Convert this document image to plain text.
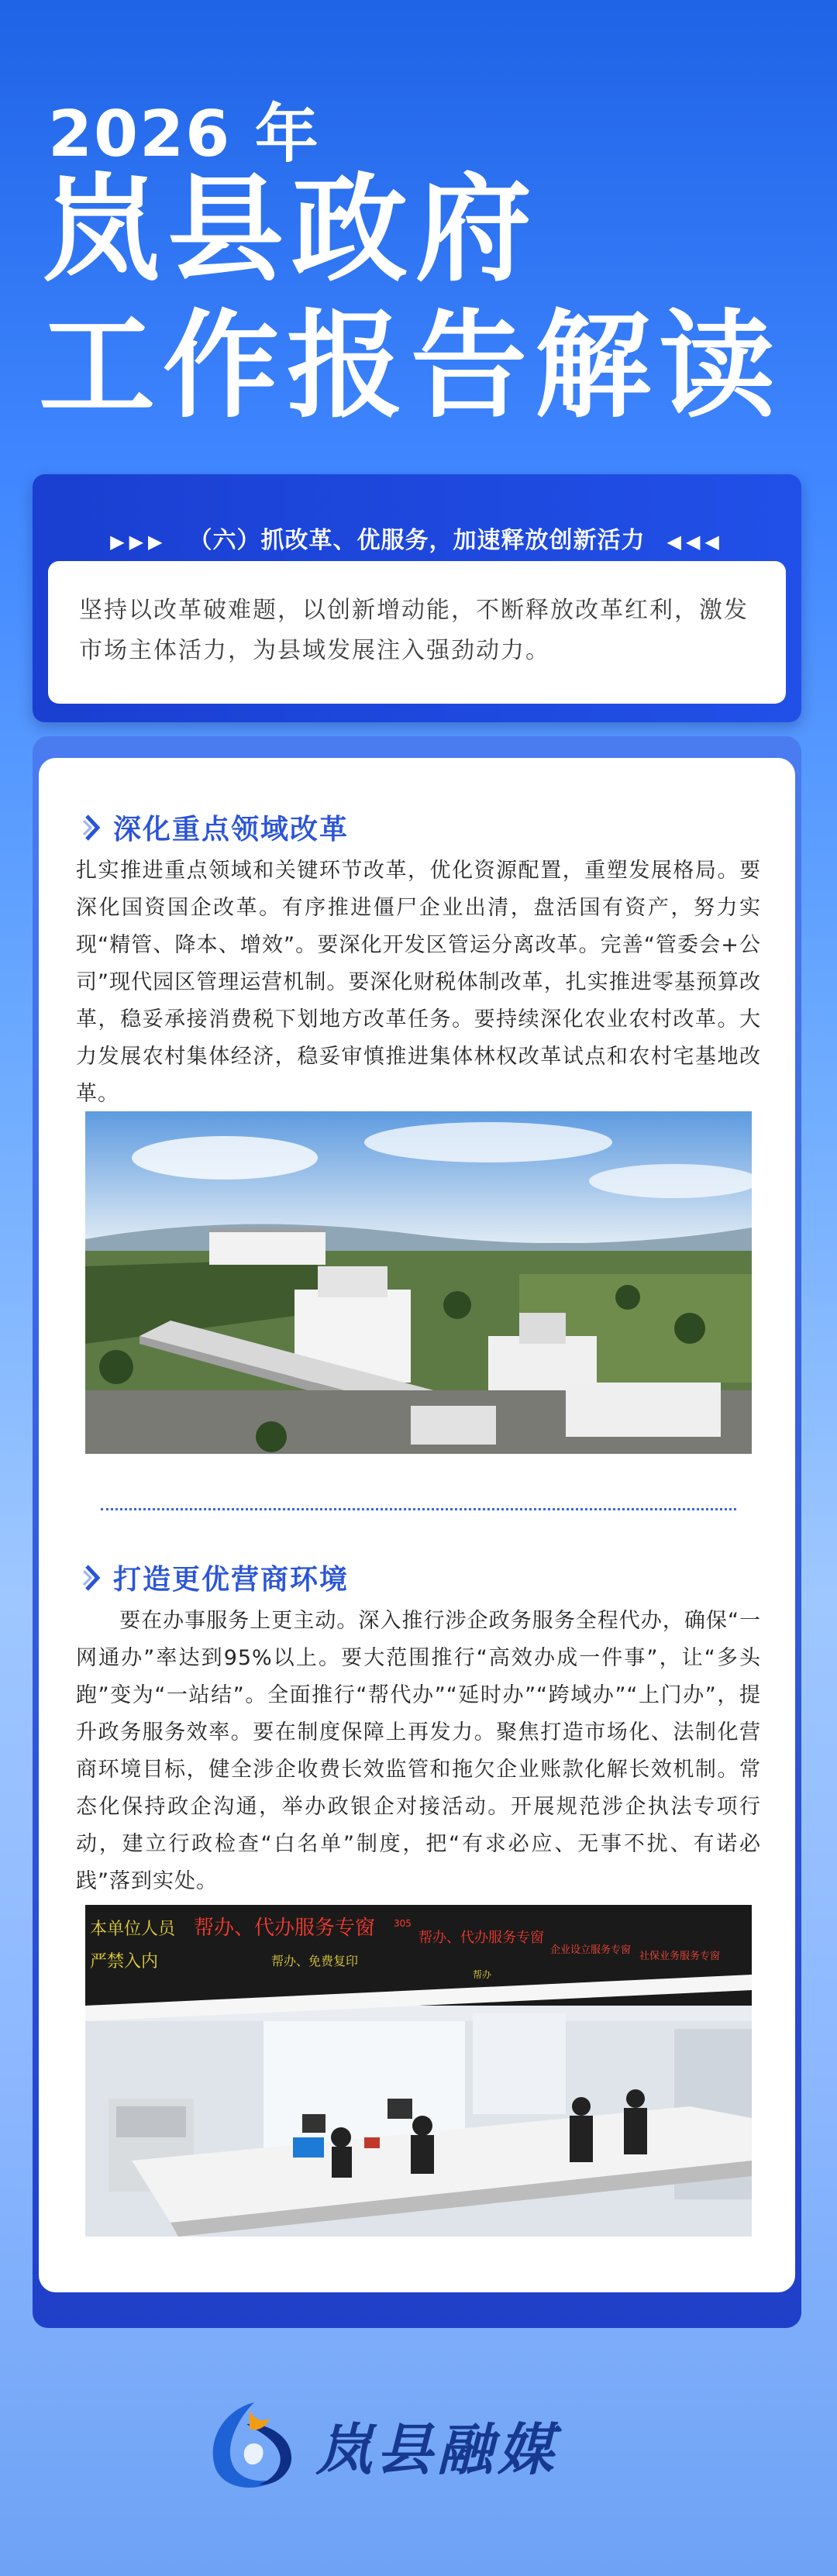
2026 年
岚县政府
工作报告解读
▶▶▶ （六）抓改革、优服务，加速释放创新活力 ◀◀◀
坚持以改革破难题，以创新增动能，不断释放改革红利，激发市场主体活力，为县域发展注入强劲动力。
深化重点领域改革
扎实推进重点领域和关键环节改革，优化资源配置，重塑发展格局。要深化国资国企改革。有序推进僵尸企业出清，盘活国有资产，努力实现“精管、降本、增效”。要深化开发区管运分离改革。完善“管委会+公司”现代园区管理运营机制。要深化财税体制改革，扎实推进零基预算改革，稳妥承接消费税下划地方改革任务。要持续深化农业农村改革。大力发展农村集体经济，稳妥审慎推进集体林权改革试点和农村宅基地改革。
打造更优营商环境
　　要在办事服务上更主动。深入推行涉企政务服务全程代办，确保“一网通办”率达到95%以上。要大范围推行“高效办成一件事”，让“多头跑”变为“一站结”。全面推行“帮代办”“延时办”“跨域办”“上门办”，提升政务服务效率。要在制度保障上再发力。聚焦打造市场化、法制化营商环境目标，健全涉企收费长效监管和拖欠企业账款化解长效机制。常态化保持政企沟通，举办政银企对接活动。开展规范涉企执法专项行动，建立行政检查“白名单”制度，把“有求必应、无事不扰、有诺必践”落到实处。
本单位人员 帮办、代办服务专窗 305
帮办、代办服务专窗
企业设立服务专窗
社保业务服务专窗
严禁入内	帮办、免费复印
帮办
岚县融媒
